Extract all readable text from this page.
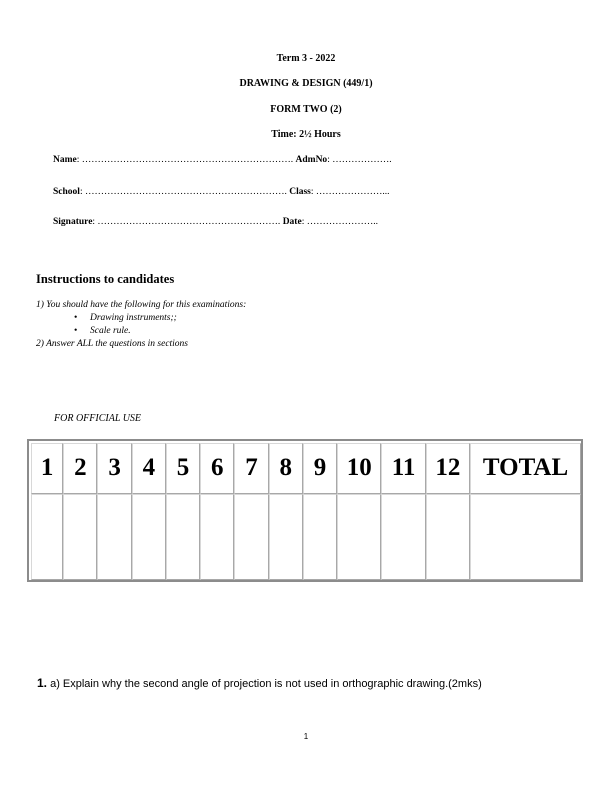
Term 3 - 2022
DRAWING & DESIGN (449/1)
FORM TWO (2)
Time: 2½ Hours
Name: …………………………………………………………. AdmNo: ……………….
School: ………………………………………………………. Class: …………………...
Signature: …………………………………………………. Date: …………………..
Instructions to candidates
1) You should have the following for this examinations:
• Drawing instruments;;
• Scale rule.
2) Answer ALL the questions in sections
FOR OFFICIAL USE
1	2	3	4	5	6	7	8	9	10	11	12	TOTAL

1. a) Explain why the second angle of projection is not used in orthographic drawing.(2mks)
1
